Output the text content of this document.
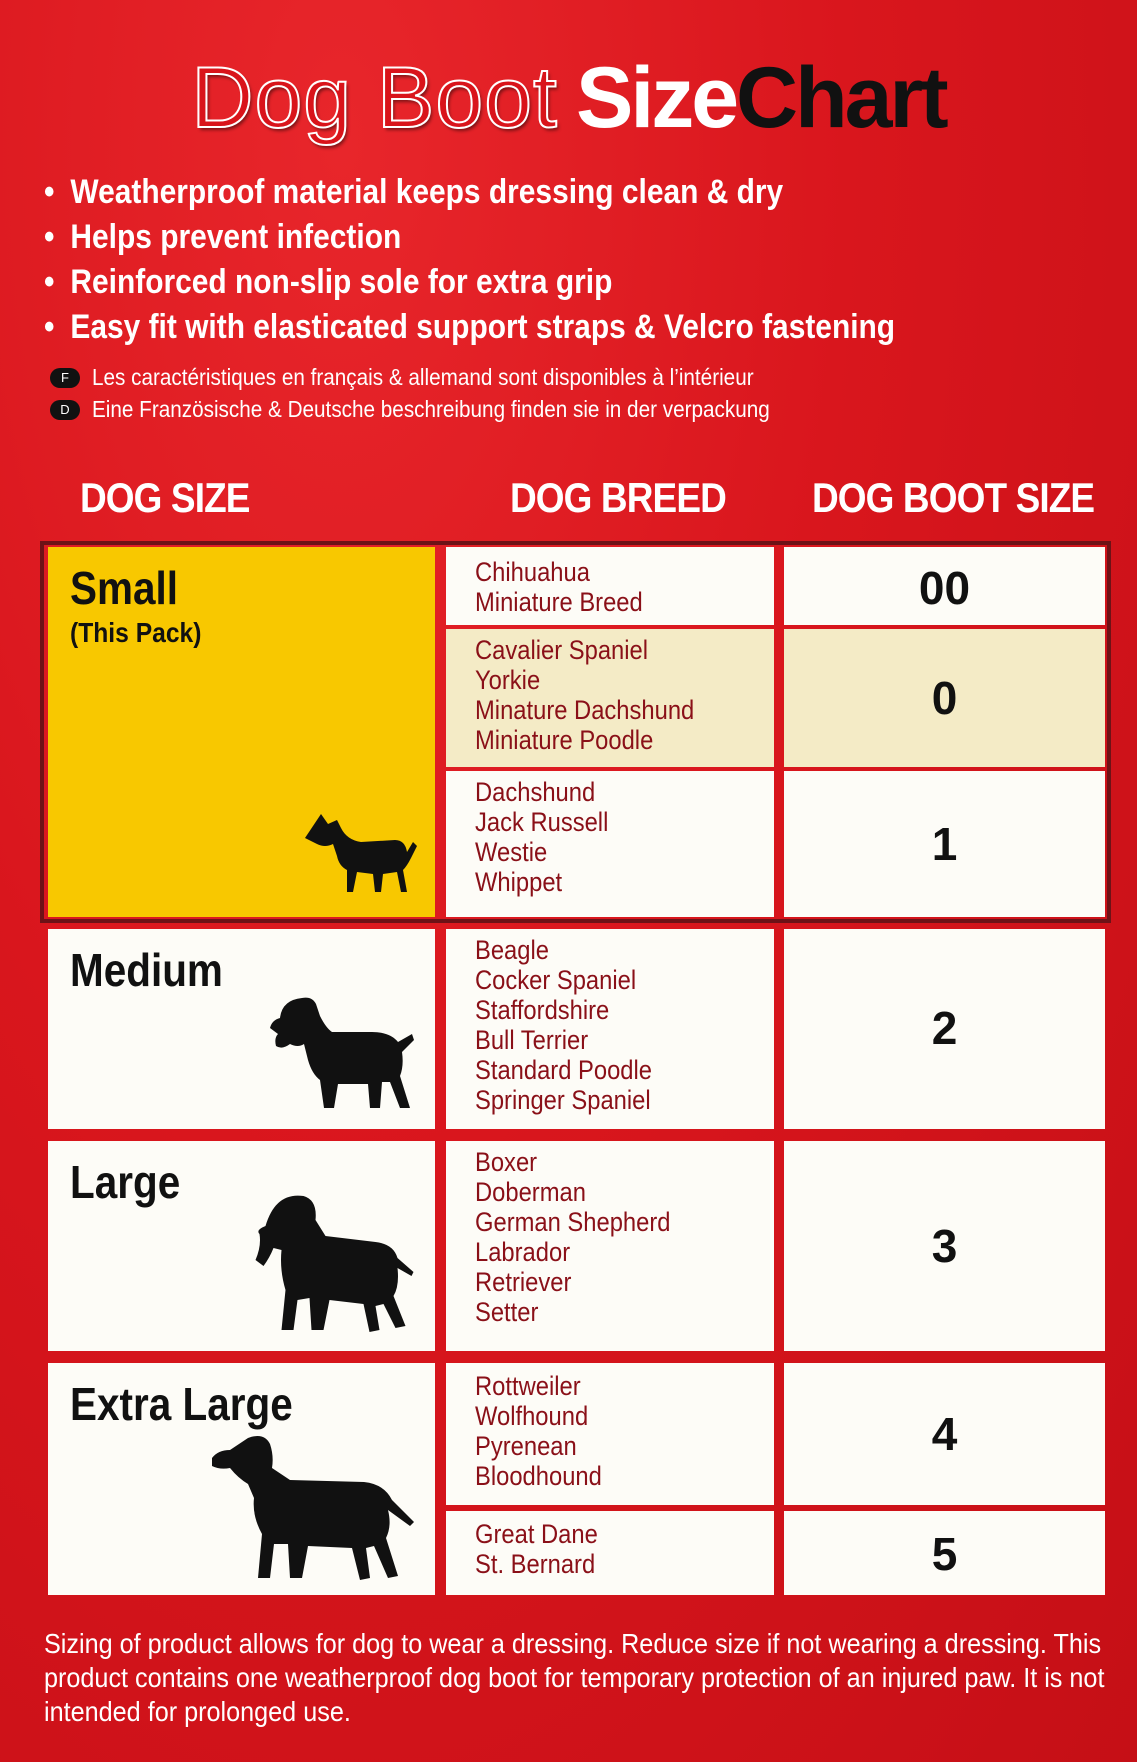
Dog Boot SizeChart
• Weatherproof material keeps dressing clean & dry
• Helps prevent infection
• Reinforced non-slip sole for extra grip
• Easy fit with elasticated support straps & Velcro fastening
F Les caractéristiques en français & allemand sont disponibles à l’intérieur
D Eine Französische & Deutsche beschreibung finden sie in der verpackung
DOG SIZE	DOG BREED DOG BOOT SIZE
Small
(This Pack)
Medium
Large
Extra Large
Chihuahua
Miniature Breed
Cavalier Spaniel
Yorkie
Minature Dachshund
Miniature Poodle
Dachshund
Jack Russell
Westie
Whippet
Beagle
Cocker Spaniel
Staffordshire
Bull Terrier
Standard Poodle
Springer Spaniel
Boxer
Doberman
German Shepherd
Labrador
Retriever
Setter
Rottweiler
Wolfhound
Pyrenean
Bloodhound
Great Dane
St. Bernard
00
0
1
2
3
4
5
Sizing of product allows for dog to wear a dressing. Reduce size if not wearing a dressing. This
product contains one weatherproof dog boot for temporary protection of an injured paw. It is not
intended for prolonged use.
